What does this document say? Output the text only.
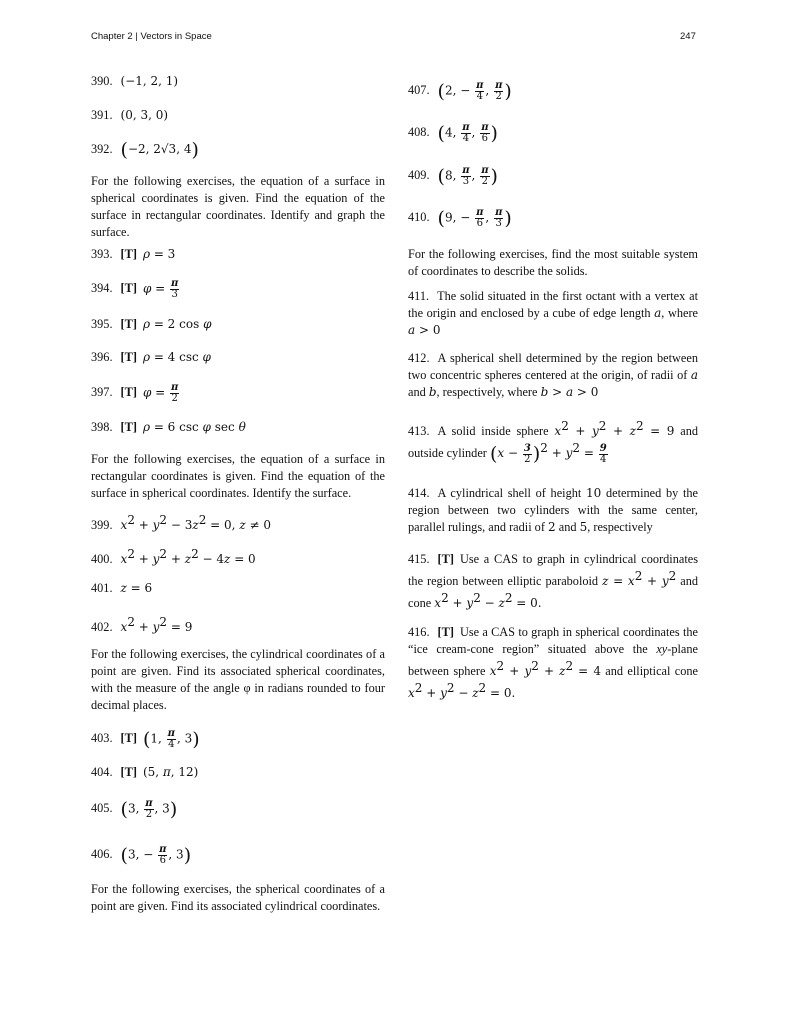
Chapter 2 | Vectors in Space	247
390. (−1, 2, 1)
391. (0, 3, 0)
392. (−2, 2√3, 4)
For the following exercises, the equation of a surface in spherical coordinates is given. Find the equation of the surface in rectangular coordinates. Identify and graph the surface.
393. [T] ρ = 3
394. [T] $\varphi = \frac{\pi}{3}$
395. [T] ρ = 2 cos φ
396. [T] ρ = 4 csc φ
397. [T] $\varphi = \frac{\pi}{2}$
398. [T] ρ = 6 csc φ sec θ
For the following exercises, the equation of a surface in rectangular coordinates is given. Find the equation of the surface in spherical coordinates. Identify the surface.
399. $x^2 + y^2 - 3z^2 = 0$, z ≠ 0
400. $x^2 + y^2 + z^2 - 4z = 0$
401. z = 6
402. $x^2 + y^2 = 9$
For the following exercises, the cylindrical coordinates of a point are given. Find its associated spherical coordinates, with the measure of the angle φ in radians rounded to four decimal places.
403. [T] (1, $\frac{\pi}{4}$ , 3)
404. [T] (5, π, 12)
405. (3, $\frac{\pi}{2}$ , 3)
406. (3, − $\frac{\pi}{6}$ , 3)
For the following exercises, the spherical coordinates of a point are given. Find its associated cylindrical coordinates.
407. (2, − $\frac{\pi}{4}$ , $\frac{\pi}{2}$ )
408. (4, $\frac{\pi}{4}$ , $\frac{\pi}{6}$ )
409. (8, $\frac{\pi}{3}$ , $\frac{\pi}{2}$ )
410. (9, − $\frac{\pi}{6}$ , $\frac{\pi}{3}$ )
For the following exercises, find the most suitable system of coordinates to describe the solids.
411. The solid situated in the first octant with a vertex at the origin and enclosed by a cube of edge length a, where a > 0
412. A spherical shell determined by the region between two concentric spheres centered at the origin, of radii of a and b, respectively, where b > a > 0
413. A solid inside sphere $x^2 + y^2 + z^2 = 9$ and outside cylinder $(x - \frac{3}{2} )^2 + y^2 = \frac{9}{4}$
414. A cylindrical shell of height 10 determined by the region between two cylinders with the same center, parallel rulings, and radii of 2 and 5, respectively
415. [T] Use a CAS to graph in cylindrical coordinates the region between elliptic paraboloid $z = x^2 + y^2$ and cone $x^2 + y^2 - z^2 = 0$.
416. [T] Use a CAS to graph in spherical coordinates the “ice cream-cone region” situated above the xy-plane between sphere $x^2 + y^2 + z^2 = 4$ and elliptical cone $x^2 + y^2 - z^2 = 0$.
